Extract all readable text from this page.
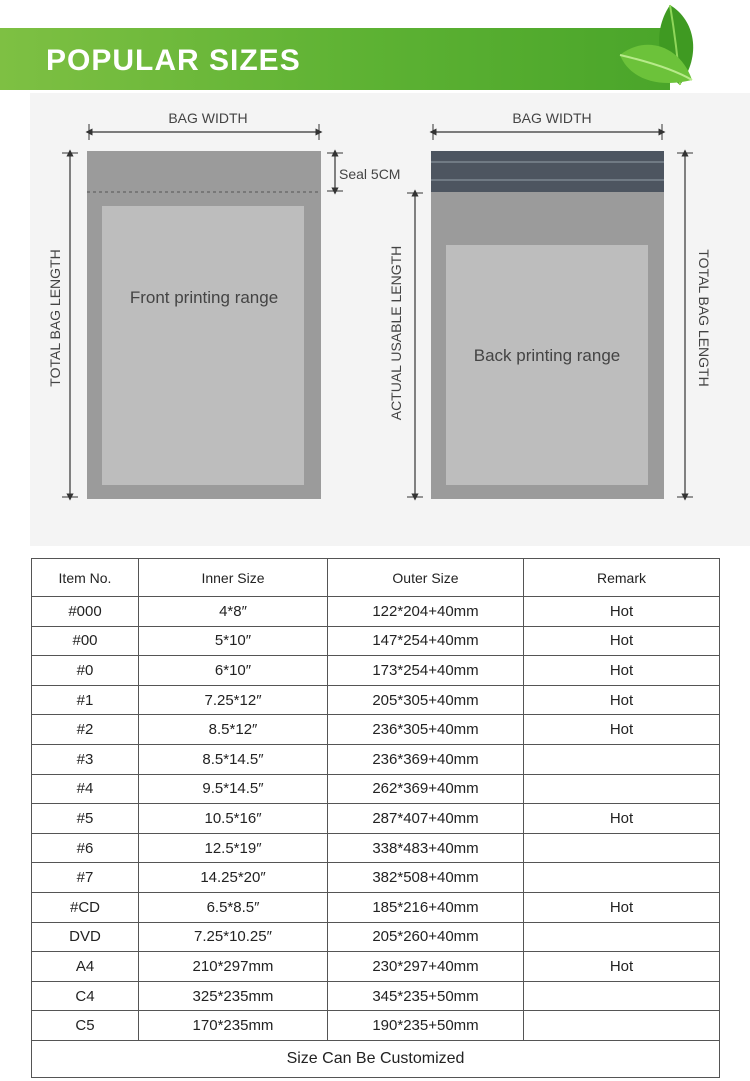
POPULAR SIZES
Front printing range
BAG WIDTH
TOTAL BAG LENGTH
Seal 5CM
Back printing range
BAG WIDTH
ACTUAL USABLE LENGTH	TOTAL BAG LENGTH
Item No.	Inner Size	Outer Size	Remark
#000	4*8″	122*204+40mm	Hot
#00	5*10″	147*254+40mm	Hot
#0	6*10″	173*254+40mm	Hot
#1	7.25*12″	205*305+40mm	Hot
#2	8.5*12″	236*305+40mm	Hot
#3	8.5*14.5″	236*369+40mm	
#4	9.5*14.5″	262*369+40mm	
#5	10.5*16″	287*407+40mm	Hot
#6	12.5*19″	338*483+40mm	
#7	14.25*20″	382*508+40mm	
#CD	6.5*8.5″	185*216+40mm	Hot
DVD	7.25*10.25″	205*260+40mm	
A4	210*297mm	230*297+40mm	Hot
C4	325*235mm	345*235+50mm	
C5	170*235mm	190*235+50mm	
Size Can Be Customized			
